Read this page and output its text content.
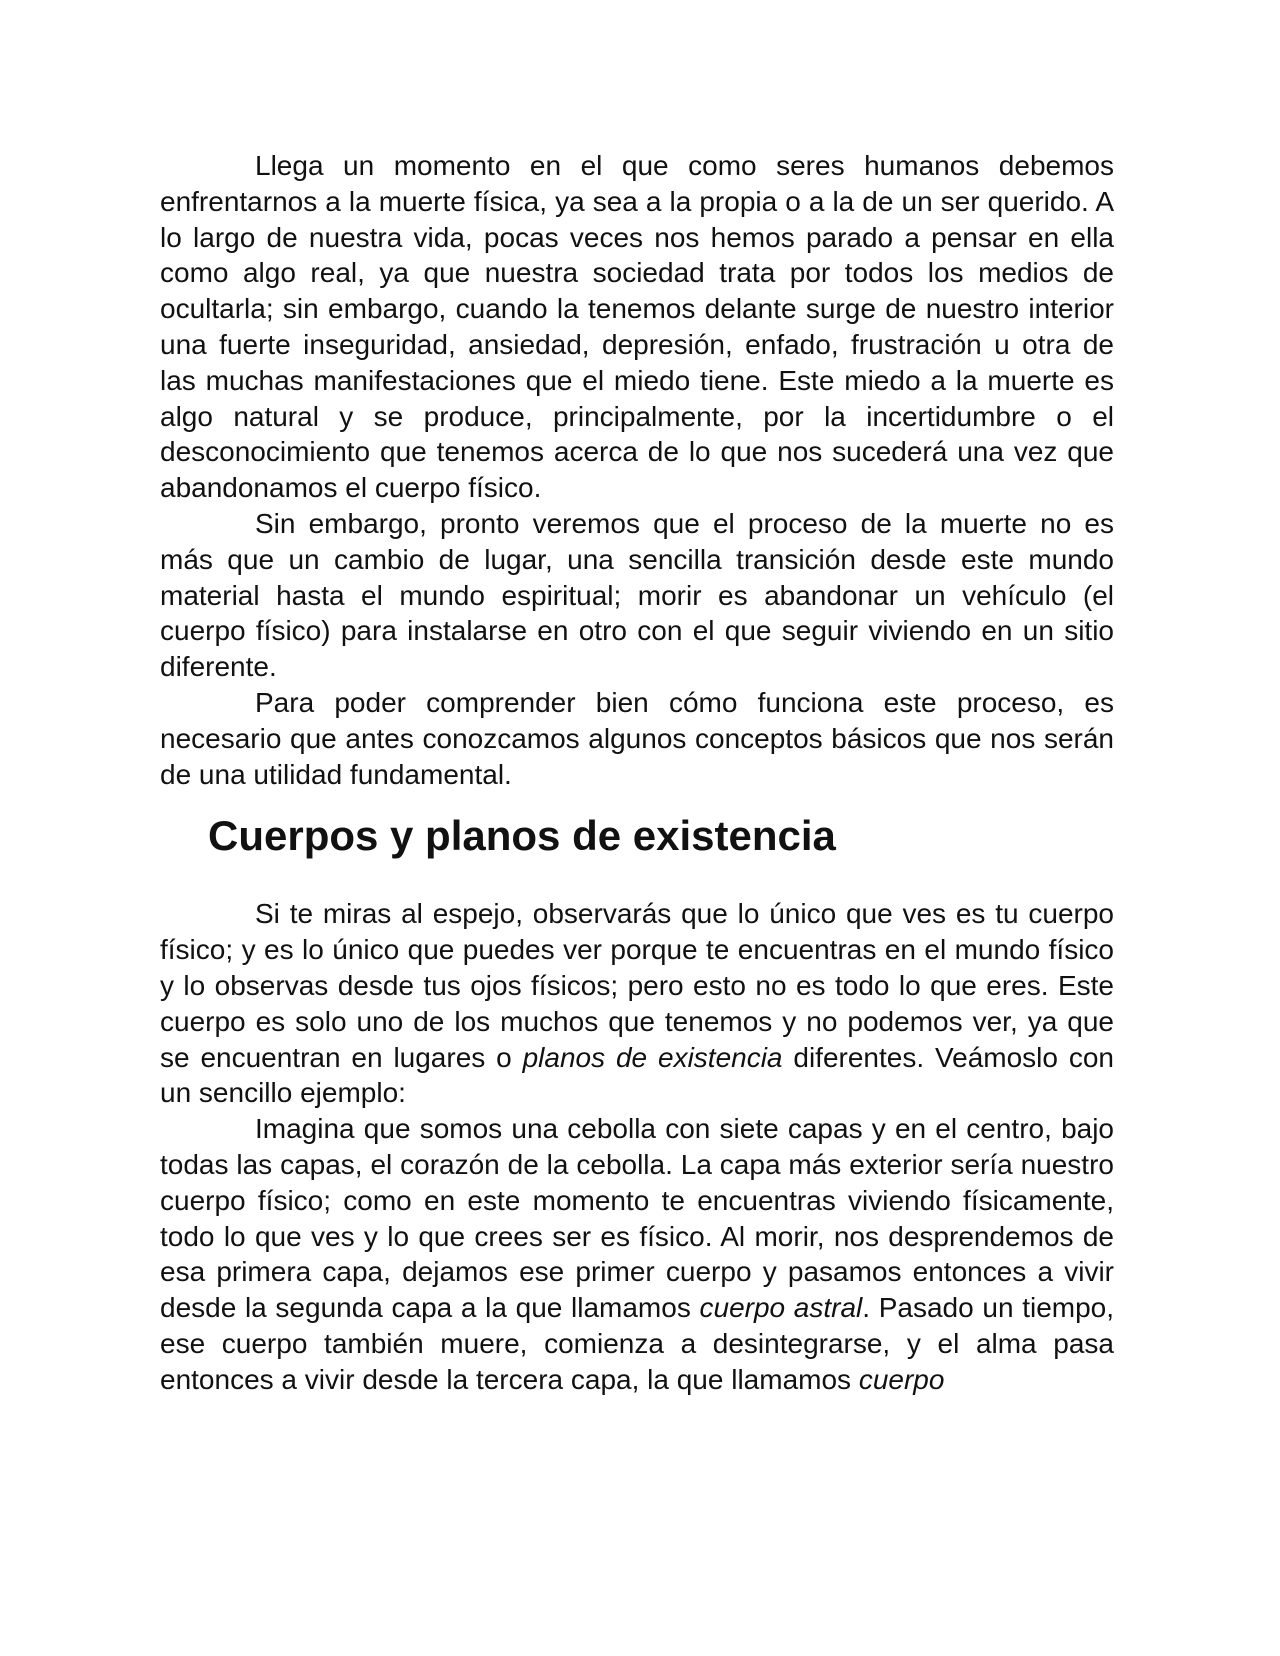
Llega un momento en el que como seres humanos debemos enfrentarnos a la muerte física, ya sea a la propia o a la de un ser querido. A lo largo de nuestra vida, pocas veces nos hemos parado a pensar en ella como algo real, ya que nuestra sociedad trata por todos los medios de ocultarla; sin embargo, cuando la tenemos delante surge de nuestro interior una fuerte inseguridad, ansiedad, depresión, enfado, frustración u otra de las muchas manifestaciones que el miedo tiene. Este miedo a la muerte es algo natural y se produce, principalmente, por la incertidumbre o el desconocimiento que tenemos acerca de lo que nos sucederá una vez que abandonamos el cuerpo físico.

Sin embargo, pronto veremos que el proceso de la muerte no es más que un cambio de lugar, una sencilla transición desde este mundo material hasta el mundo espiritual; morir es abandonar un vehículo (el cuerpo físico) para instalarse en otro con el que seguir viviendo en un sitio diferente.

Para poder comprender bien cómo funciona este proceso, es necesario que antes conozcamos algunos conceptos básicos que nos serán de una utilidad fundamental.

Cuerpos y planos de existencia

Si te miras al espejo, observarás que lo único que ves es tu cuerpo físico; y es lo único que puedes ver porque te encuentras en el mundo físico y lo observas desde tus ojos físicos; pero esto no es todo lo que eres. Este cuerpo es solo uno de los muchos que tenemos y no podemos ver, ya que se encuentran en lugares o planos de existencia diferentes. Veámoslo con un sencillo ejemplo:

Imagina que somos una cebolla con siete capas y en el centro, bajo todas las capas, el corazón de la cebolla. La capa más exterior sería nuestro cuerpo físico; como en este momento te encuentras viviendo físicamente, todo lo que ves y lo que crees ser es físico. Al morir, nos desprendemos de esa primera capa, dejamos ese primer cuerpo y pasamos entonces a vivir desde la segunda capa a la que llamamos cuerpo astral. Pasado un tiempo, ese cuerpo también muere, comienza a desintegrarse, y el alma pasa entonces a vivir desde la tercera capa, la que llamamos cuerpo
